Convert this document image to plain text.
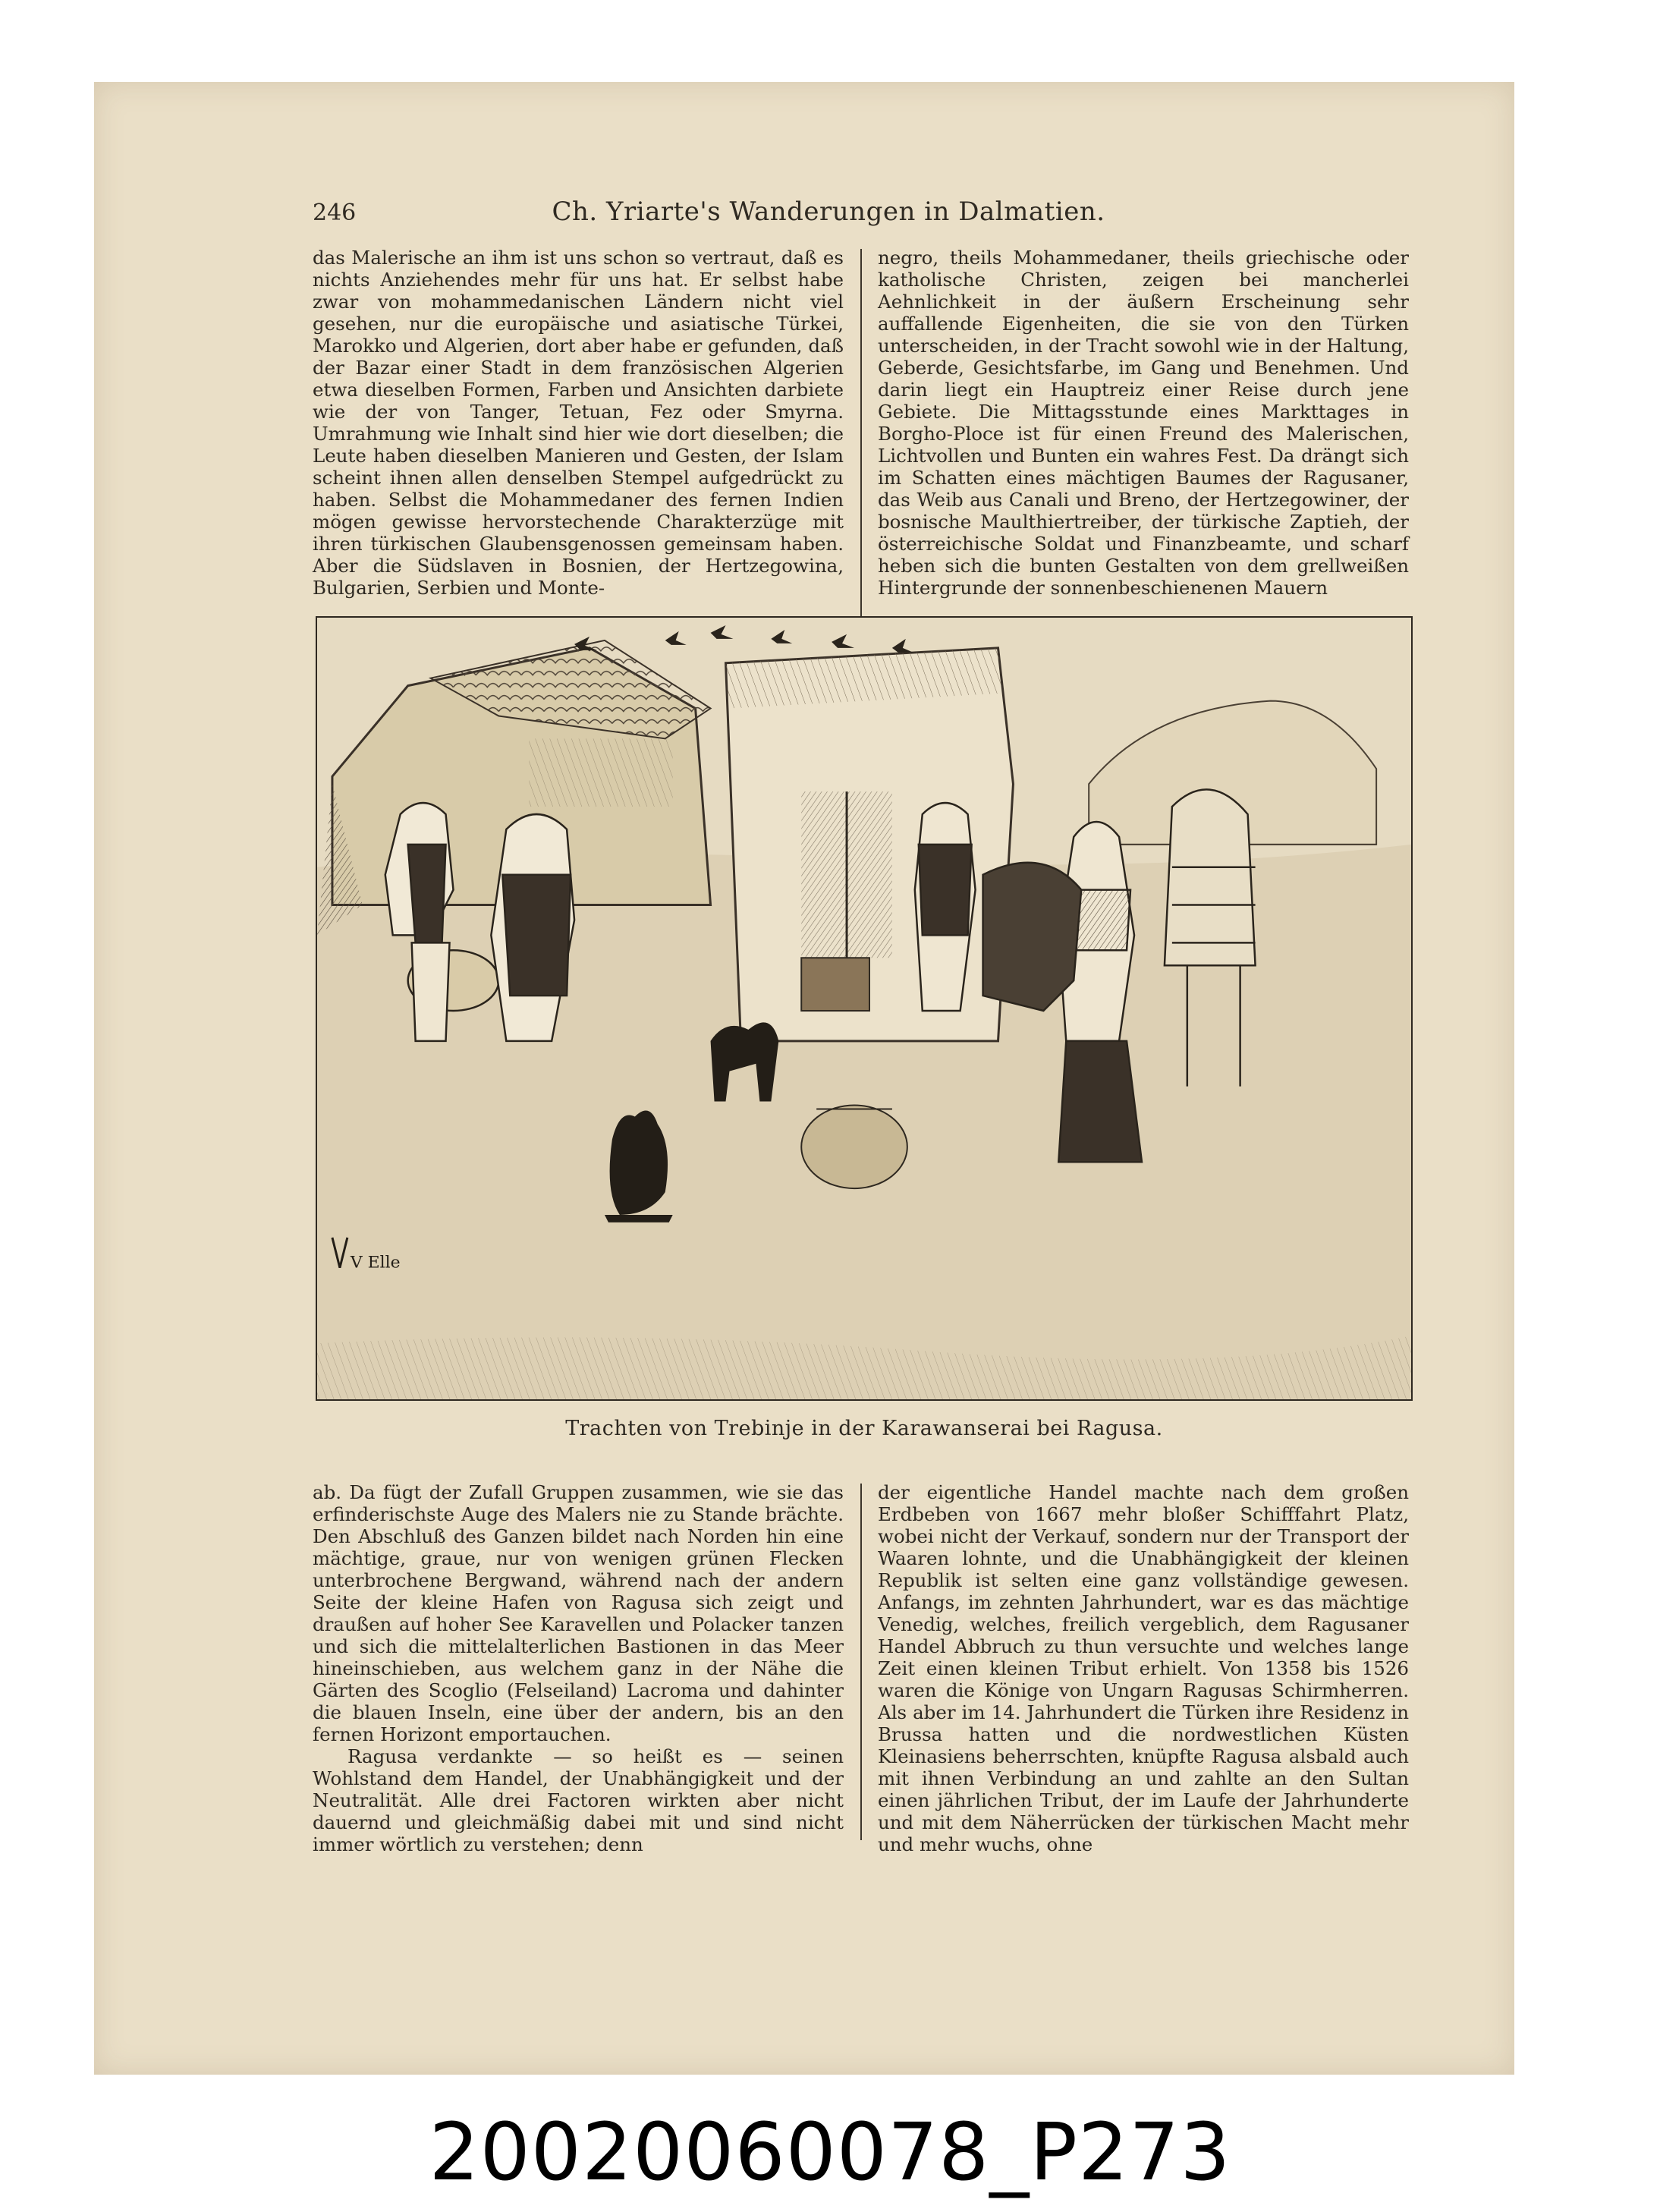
246	Ch. Yriarte's Wanderungen in Dalmatien.

das Malerische an ihm ist uns schon so vertraut, daß es nichts Anziehendes mehr für uns hat. Er selbst habe zwar von mohammedanischen Ländern nicht viel gesehen, nur die europäische und asiatische Türkei, Marokko und Algerien, dort aber habe er gefunden, daß der Bazar einer Stadt in dem französischen Algerien etwa dieselben Formen, Farben und Ansichten darbiete wie der von Tanger, Tetuan, Fez oder Smyrna. Umrahmung wie Inhalt sind hier wie dort dieselben; die Leute haben dieselben Manieren und Gesten, der Islam scheint ihnen allen denselben Stempel aufgedrückt zu haben. Selbst die Mohammedaner des fernen Indien mögen gewisse hervorstechende Charakterzüge mit ihren türkischen Glaubensgenossen gemeinsam haben. Aber die Südslaven in Bosnien, der Hertzegowina, Bulgarien, Serbien und Monte-

negro, theils Mohammedaner, theils griechische oder katholische Christen, zeigen bei mancherlei Aehnlichkeit in der äußern Erscheinung sehr auffallende Eigenheiten, die sie von den Türken unterscheiden, in der Tracht sowohl wie in der Haltung, Geberde, Gesichtsfarbe, im Gang und Benehmen. Und darin liegt ein Hauptreiz einer Reise durch jene Gebiete. Die Mittagsstunde eines Markttages in Borgho-Ploce ist für einen Freund des Malerischen, Lichtvollen und Bunten ein wahres Fest. Da drängt sich im Schatten eines mächtigen Baumes der Ragusaner, das Weib aus Canali und Breno, der Hertzegowiner, der bosnische Maulthiertreiber, der türkische Zaptieh, der österreichische Soldat und Finanzbeamte, und scharf heben sich die bunten Gestalten von dem grellweißen Hintergrunde der sonnenbeschienenen Mauern

V Elle
Trachten von Trebinje in der Karawanserai bei Ragusa.

ab. Da fügt der Zufall Gruppen zusammen, wie sie das erfinderischste Auge des Malers nie zu Stande brächte. Den Abschluß des Ganzen bildet nach Norden hin eine mächtige, graue, nur von wenigen grünen Flecken unterbrochene Bergwand, während nach der andern Seite der kleine Hafen von Ragusa sich zeigt und draußen auf hoher See Karavellen und Polacker tanzen und sich die mittelalterlichen Bastionen in das Meer hineinschieben, aus welchem ganz in der Nähe die Gärten des Scoglio (Felseiland) Lacroma und dahinter die blauen Inseln, eine über der andern, bis an den fernen Horizont emportauchen.

Ragusa verdankte — so heißt es — seinen Wohlstand dem Handel, der Unabhängigkeit und der Neutralität. Alle drei Factoren wirkten aber nicht dauernd und gleichmäßig dabei mit und sind nicht immer wörtlich zu verstehen; denn

der eigentliche Handel machte nach dem großen Erdbeben von 1667 mehr bloßer Schifffahrt Platz, wobei nicht der Verkauf, sondern nur der Transport der Waaren lohnte, und die Unabhängigkeit der kleinen Republik ist selten eine ganz vollständige gewesen. Anfangs, im zehnten Jahrhundert, war es das mächtige Venedig, welches, freilich vergeblich, dem Ragusaner Handel Abbruch zu thun versuchte und welches lange Zeit einen kleinen Tribut erhielt. Von 1358 bis 1526 waren die Könige von Ungarn Ragusas Schirmherren. Als aber im 14. Jahrhundert die Türken ihre Residenz in Brussa hatten und die nordwestlichen Küsten Kleinasiens beherrschten, knüpfte Ragusa alsbald auch mit ihnen Verbindung an und zahlte an den Sultan einen jährlichen Tribut, der im Laufe der Jahrhunderte und mit dem Näherrücken der türkischen Macht mehr und mehr wuchs, ohne

20020060078_P273
